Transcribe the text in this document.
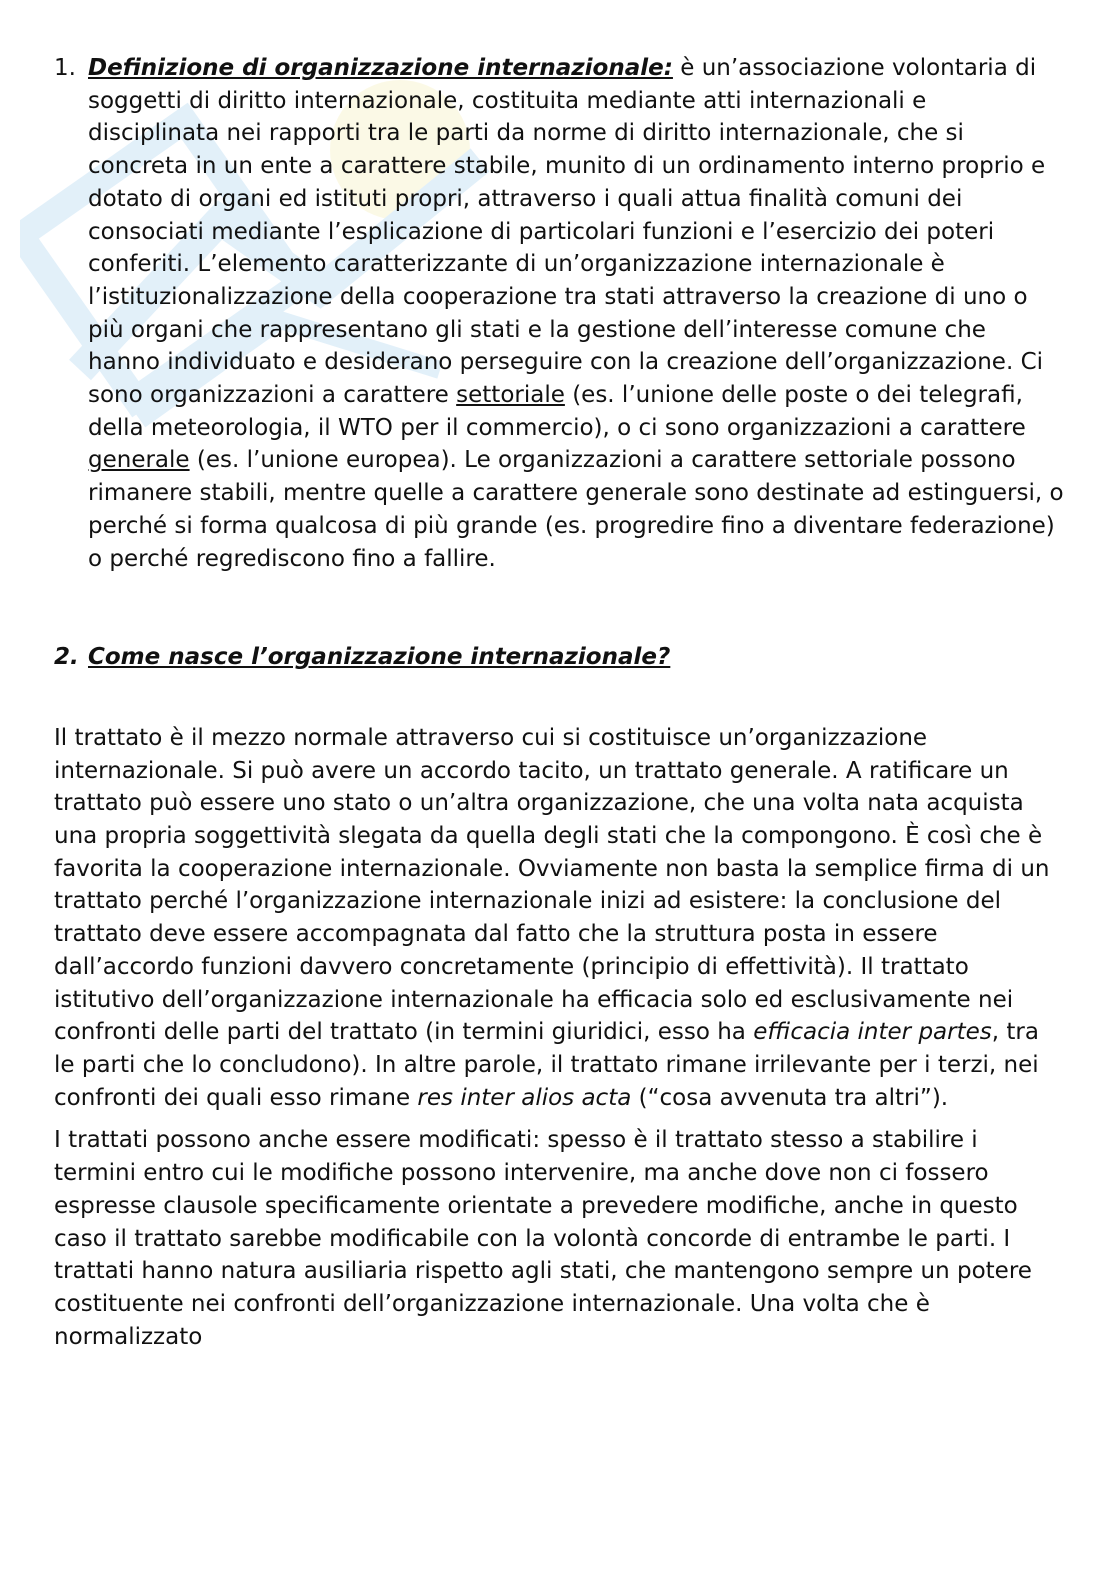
1. Definizione di organizzazione internazionale: è un’associazione volontaria di soggetti di diritto internazionale, costituita mediante atti internazionali e disciplinata nei rapporti tra le parti da norme di diritto internazionale, che si concreta in un ente a carattere stabile, munito di un ordinamento interno proprio e dotato di organi ed istituti propri, attraverso i quali attua finalità comuni dei consociati mediante l’esplicazione di particolari funzioni e l’esercizio dei poteri conferiti. L’elemento caratterizzante di un’organizzazione internazionale è l’istituzionalizzazione della cooperazione tra stati attraverso la creazione di uno o più organi che rappresentano gli stati e la gestione dell’interesse comune che hanno individuato e desiderano perseguire con la creazione dell’organizzazione. Ci sono organizzazioni a carattere settoriale (es. l’unione delle poste o dei telegrafi, della meteorologia, il WTO per il commercio), o ci sono organizzazioni a carattere generale (es. l’unione europea). Le organizzazioni a carattere settoriale possono rimanere stabili, mentre quelle a carattere generale sono destinate ad estinguersi, o perché si forma qualcosa di più grande (es. progredire fino a diventare federazione) o perché regrediscono fino a fallire.

2. Come nasce l’organizzazione internazionale?

Il trattato è il mezzo normale attraverso cui si costituisce un’organizzazione internazionale. Si può avere un accordo tacito, un trattato generale. A ratificare un trattato può essere uno stato o un’altra organizzazione, che una volta nata acquista una propria soggettività slegata da quella degli stati che la compongono. È così che è favorita la cooperazione internazionale. Ovviamente non basta la semplice firma di un trattato perché l’organizzazione internazionale inizi ad esistere: la conclusione del trattato deve essere accompagnata dal fatto che la struttura posta in essere dall’accordo funzioni davvero concretamente (principio di effettività). Il trattato istitutivo dell’organizzazione internazionale ha efficacia solo ed esclusivamente nei confronti delle parti del trattato (in termini giuridici, esso ha efficacia inter partes, tra le parti che lo concludono). In altre parole, il trattato rimane irrilevante per i terzi, nei confronti dei quali esso rimane res inter alios acta (“cosa avvenuta tra altri”).

I trattati possono anche essere modificati: spesso è il trattato stesso a stabilire i termini entro cui le modifiche possono intervenire, ma anche dove non ci fossero espresse clausole specificamente orientate a prevedere modifiche, anche in questo caso il trattato sarebbe modificabile con la volontà concorde di entrambe le parti. I trattati hanno natura ausiliaria rispetto agli stati, che mantengono sempre un potere costituente nei confronti dell’organizzazione internazionale. Una volta che è normalizzato
